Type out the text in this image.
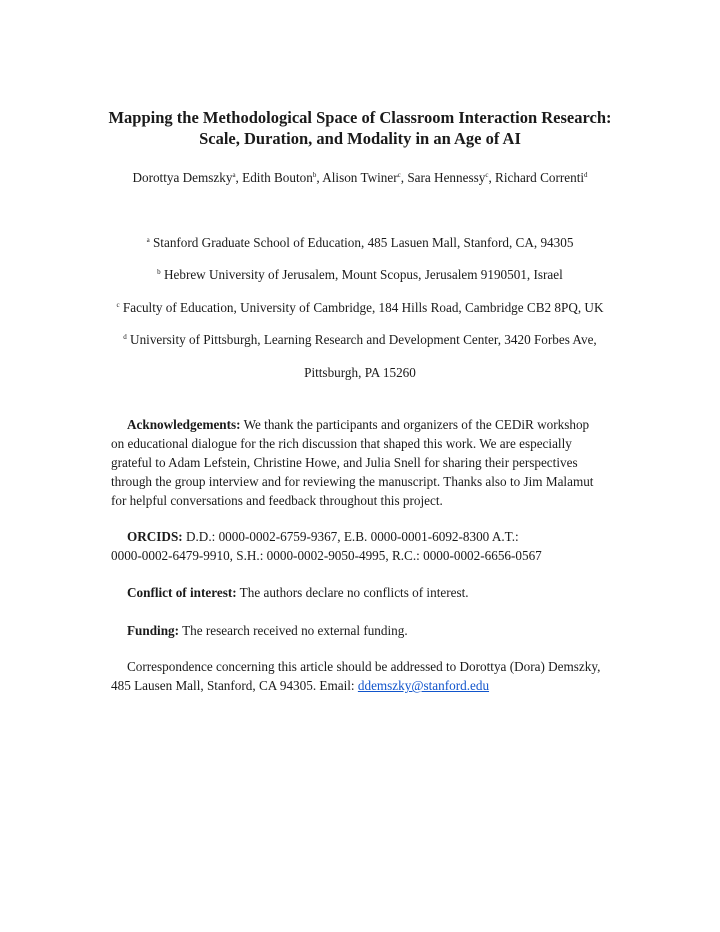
Mapping the Methodological Space of Classroom Interaction Research:
Scale, Duration, and Modality in an Age of AI
Dorottya Demszky$^a$, Edith Bouton$^b$, Alison Twiner$^c$, Sara Hennessy$^c$, Richard Correnti$^d$
$^a$ Stanford Graduate School of Education, 485 Lasuen Mall, Stanford, CA, 94305
$^b$ Hebrew University of Jerusalem, Mount Scopus, Jerusalem 9190501, Israel
$^c$ Faculty of Education, University of Cambridge, 184 Hills Road, Cambridge CB2 8PQ, UK
$^d$ University of Pittsburgh, Learning Research and Development Center, 3420 Forbes Ave,
Pittsburgh, PA 15260
Acknowledgements: We thank the participants and organizers of the CEDiR workshop
on educational dialogue for the rich discussion that shaped this work. We are especially
grateful to Adam Lefstein, Christine Howe, and Julia Snell for sharing their perspectives
through the group interview and for reviewing the manuscript. Thanks also to Jim Malamut
for helpful conversations and feedback throughout this project.
ORCIDS: D.D.: 0000-0002-6759-9367, E.B. 0000-0001-6092-8300 A.T.:
0000-0002-6479-9910, S.H.: 0000-0002-9050-4995, R.C.: 0000-0002-6656-0567
Conflict of interest: The authors declare no conflicts of interest.
Funding: The research received no external funding.
Correspondence concerning this article should be addressed to Dorottya (Dora) Demszky,
485 Lausen Mall, Stanford, CA 94305. Email: ddemszky@stanford.edu
